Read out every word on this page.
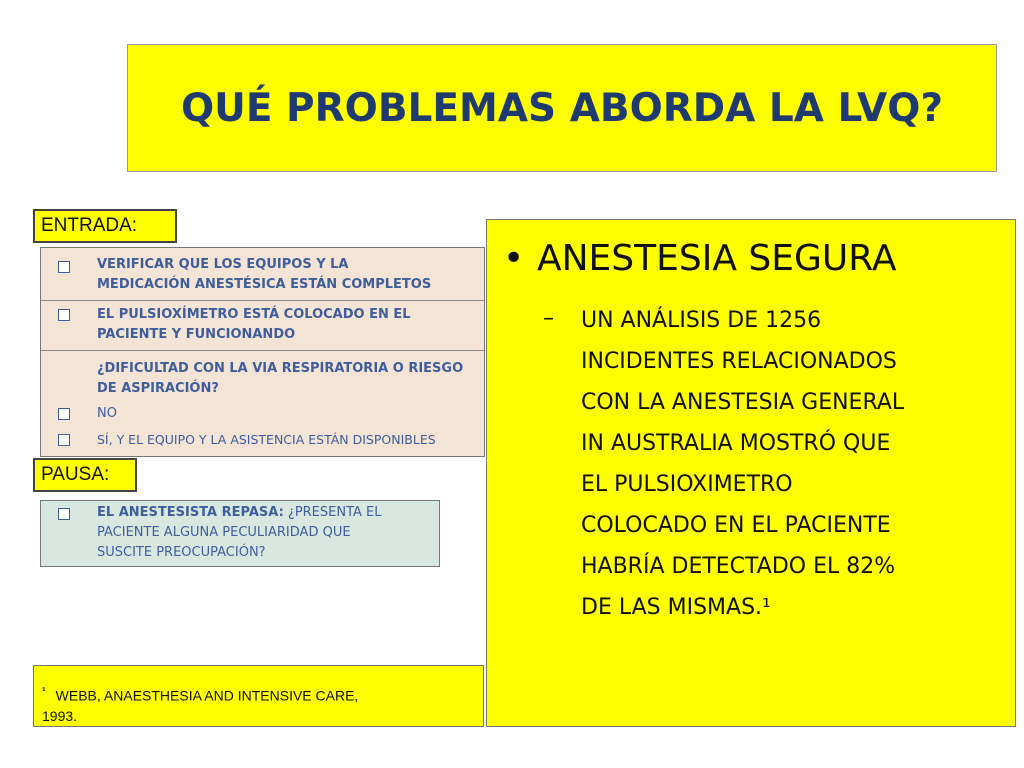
QUÉ PROBLEMAS ABORDA LA LVQ?
ENTRADA:
VERIFICAR QUE LOS EQUIPOS Y LA
MEDICACIÓN ANESTÉSICA ESTÁN COMPLETOS
EL PULSIOXÍMETRO ESTÁ COLOCADO EN EL
PACIENTE Y FUNCIONANDO
¿DIFICULTAD CON LA VIA RESPIRATORIA O RIESGO
DE ASPIRACIÓN?
NO
SÍ, Y EL EQUIPO Y LA ASISTENCIA ESTÁN DISPONIBLES
PAUSA:
EL ANESTESISTA REPASA: ¿PRESENTA EL
PACIENTE ALGUNA PECULIARIDAD QUE
SUSCITE PREOCUPACIÓN?
$^{^1}$ WEBB, ANAESTHESIA AND INTENSIVE CARE,
1993.
• ANESTESIA SEGURA
– UN ANÁLISIS DE 1256
INCIDENTES RELACIONADOS
CON LA ANESTESIA GENERAL
IN AUSTRALIA MOSTRÓ QUE
EL PULSIOXIMETRO
COLOCADO EN EL PACIENTE
HABRÍA DETECTADO EL 82%
DE LAS MISMAS.¹
